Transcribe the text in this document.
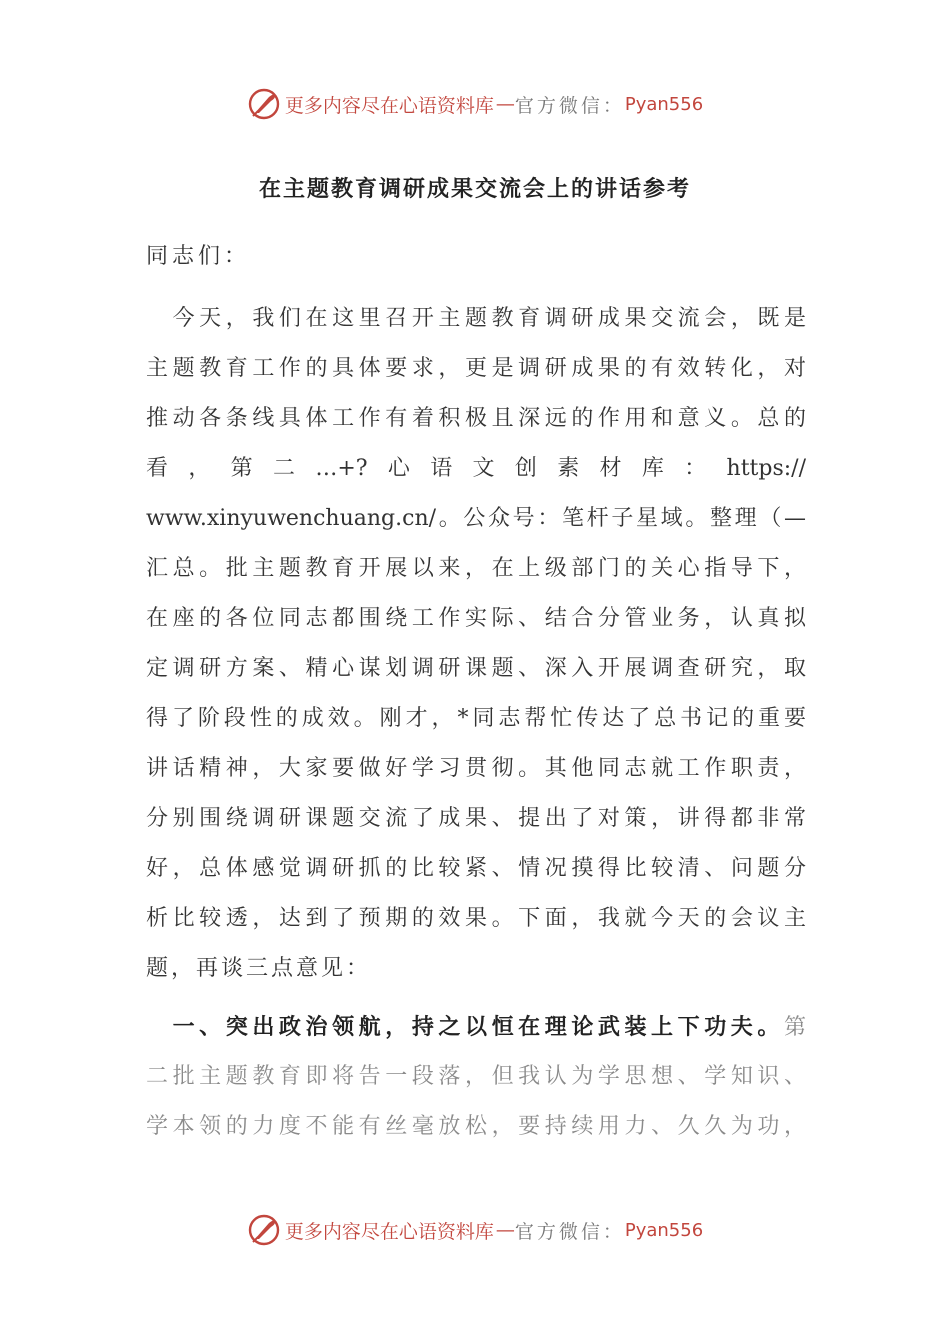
更多内容尽在心语资料库 — 官方微信： Pyan556
在主题教育调研成果交流会上的讲话参考
同志们：
　今天，我们在这里召开主题教育调研成果交流会，既是
主题教育工作的具体要求，更是调研成果的有效转化，对
推动各条线具体工作有着积极且深远的作用和意义。总的
看，第二…+?心语文创素材库：https://
www.xinyuwenchuang.cn/。公众号：笔杆子星域。整理（—
汇总。批主题教育开展以来，在上级部门的关心指导下，
在座的各位同志都围绕工作实际、结合分管业务，认真拟
定调研方案、精心谋划调研课题、深入开展调查研究，取
得了阶段性的成效。刚才，*同志帮忙传达了总书记的重要
讲话精神，大家要做好学习贯彻。其他同志就工作职责，
分别围绕调研课题交流了成果、提出了对策，讲得都非常
好，总体感觉调研抓的比较紧、情况摸得比较清、问题分
析比较透，达到了预期的效果。下面，我就今天的会议主
题，再谈三点意见：
　一、突出政治领航，持之以恒在理论武装上下功夫。第
二批主题教育即将告一段落，但我认为学思想、学知识、
学本领的力度不能有丝毫放松，要持续用力、久久为功，
更多内容尽在心语资料库 — 官方微信： Pyan556
